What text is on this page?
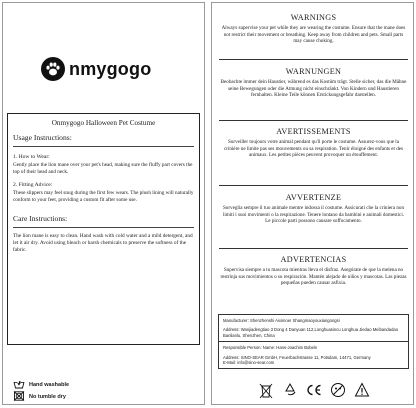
nmygogo
Onmygogo Halloween Pet Costume
Usage Instructions:
1. How to Wear:
Gently place the lion mane over your pet's head, making sure the fluffy part covers the top of their head and neck.
2. Fitting Advice:
These slippers may feel snug during the first few wears. The plush lining will naturally conform to your feet, providing a custom fit after some use.
Care Instructions:
The lion mane is easy to clean. Hand wash with cold water and a mild detergent, and let it air dry. Avoid using bleach or harsh chemicals to preserve the softness of the fabric.
Hand washable
No tumble dry
WARNINGS

Always supervise your pet while they are wearing the costume. Ensure that the mane does not restrict their movement or breathing. Keep away from children and pets. Small parts may cause choking.

WARNUNGEN

Beobachte immer dein Haustier, während es das Kostüm trägt. Stelle sicher, das die Mähne seine Bewegungen oder die Atmung nicht einschränkt. Von Kindern und Haustieren fernhalten. Kleine Teile können Erstickungsgefahr darstellen.

AVERTISSEMENTS

Surveiller toujours votre animal pendant qu'il porte le costume. Assurez-vous que la crinière ne limite pas ses mouvements ou sa respiration. Tenir éloigné des enfants et des animaux. Les petites pièces peuvent provoquer un étouffement.

AVVERTENZE

Sorveglia sempre il tuo animale mentre indossa il costume. Assicurati che la criniera non limiti i suoi movimenti o la respirazione. Tenere lontano da bambini e animali domestici. Le piccole parti possono causare soffocamento.

ADVERTENCIAS

Supervisa siempre a tu mascota mientras lleva el disfraz. Asegúrate de que la melena no restrinja sus movimientos o su respiración. Mantén alejado de niños y mascotas. Las piezas pequeñas pueden causar asfixia.

Manufacturer: Shenzhenshi Aiximoer Shangmaoyouxiangongsi
Address: Wanjiadengtiao 3 Dong 4 Danyuan 112,Longhuasincu Longhua Jiedao Meibandadao Banlianlu, Shenzhen, China
Responsible Person: Name: Hans-Joachim Bobeln
Address: SINO-SEAR GmbH, Feuerbachstrasse 11, Potsdam, 14471, Germany
E-Mail: info@sino-sear.com
